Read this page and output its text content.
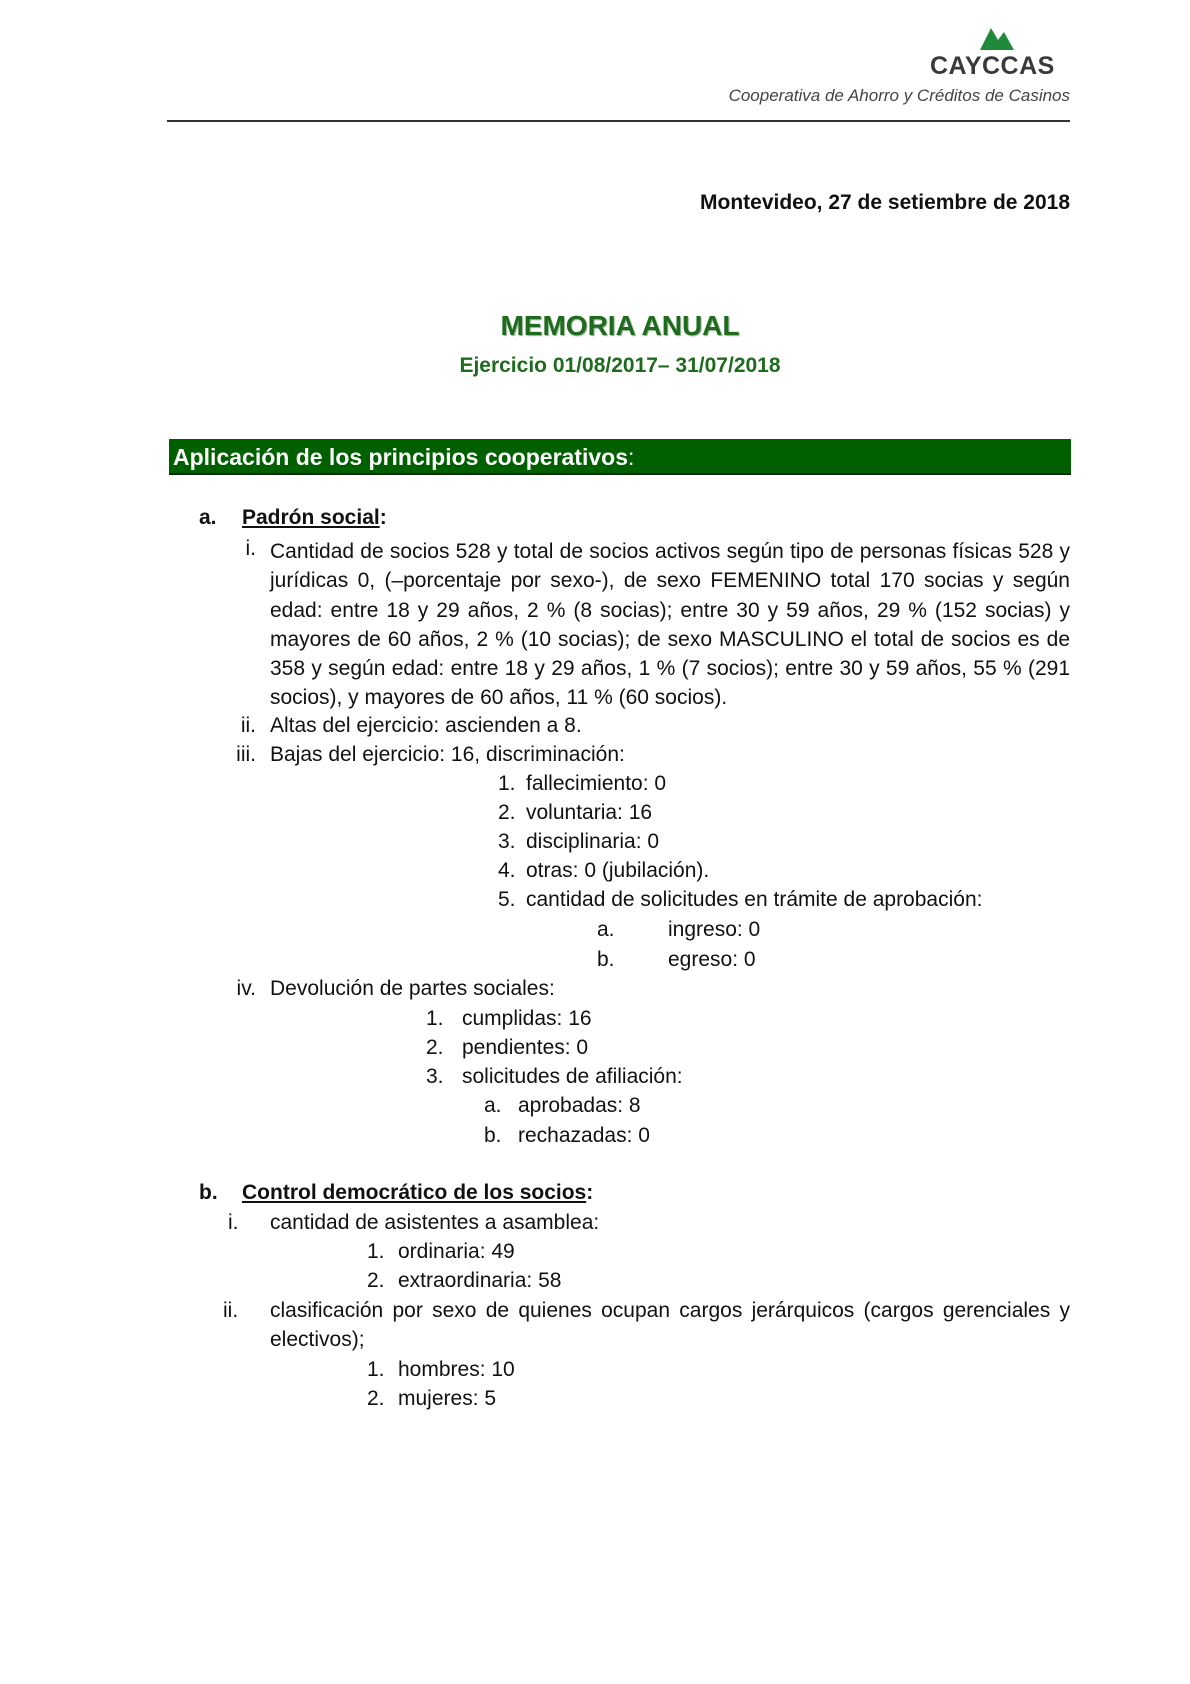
CAYCCAS
Cooperativa de Ahorro y Créditos de Casinos
Montevideo, 27 de setiembre de 2018
MEMORIA ANUAL
Ejercicio 01/08/2017– 31/07/2018
Aplicación de los principios cooperativos:
a. Padrón social:
i. Cantidad de socios 528 y total de socios activos según tipo de personas físicas 528 y jurídicas 0, (–porcentaje por sexo-), de sexo FEMENINO total 170 socias y según edad: entre 18 y 29 años, 2 % (8 socias); entre 30 y 59 años, 29 % (152 socias) y mayores de 60 años, 2 % (10 socias); de sexo MASCULINO el total de socios es de 358 y según edad: entre 18 y 29 años, 1 % (7 socios); entre 30 y 59 años, 55 % (291 socios), y mayores de 60 años, 11 % (60 socios).
ii. Altas del ejercicio: ascienden a 8.
iii. Bajas del ejercicio: 16, discriminación:
1. fallecimiento: 0
2. voluntaria: 16
3. disciplinaria: 0
4. otras: 0 (jubilación).
5. cantidad de solicitudes en trámite de aprobación:
a.	ingreso: 0
b.	egreso: 0
iv. Devolución de partes sociales:
1. cumplidas: 16
2. pendientes: 0
3. solicitudes de afiliación:
a. aprobadas: 8
b. rechazadas: 0
b. Control democrático de los socios:
i. cantidad de asistentes a asamblea:
1. ordinaria: 49
2. extraordinaria: 58
ii. clasificación por sexo de quienes ocupan cargos jerárquicos (cargos gerenciales y
electivos);
1. hombres: 10
2. mujeres: 5
